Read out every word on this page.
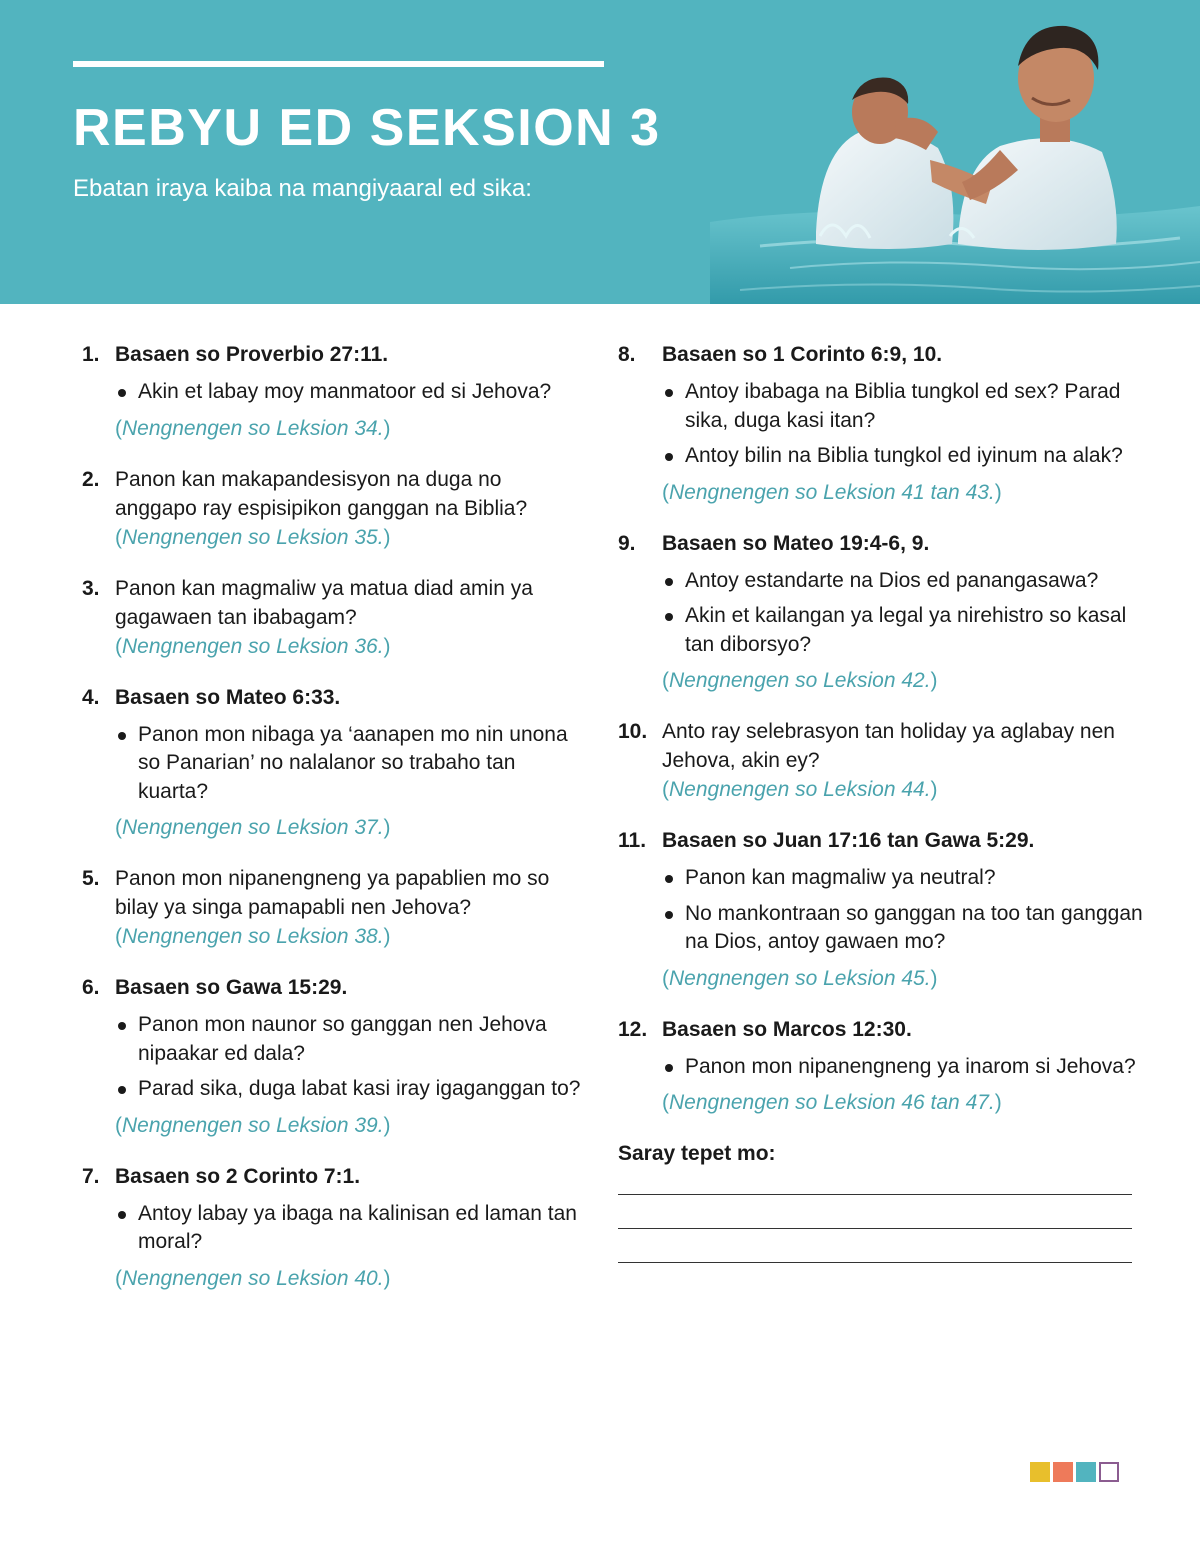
REBYU ED SEKSION 3
Ebatan iraya kaiba na mangiyaaral ed sika:
1. Basaen so Proverbio 27:11.
Akin et labay moy manmatoor ed si Jehova?
(Nengnengen so Leksion 34.)
2. Panon kan makapandesisyon na duga no anggapo ray espisipikon ganggan na Biblia?
(Nengnengen so Leksion 35.)
3. Panon kan magmaliw ya matua diad amin ya gagawaen tan ibabagam?
(Nengnengen so Leksion 36.)
4. Basaen so Mateo 6:33.
Panon mon nibaga ya ‘aanapen mo nin unona so Panarian’ no nalalanor so trabaho tan kuarta?
(Nengnengen so Leksion 37.)
5. Panon mon nipanengneng ya papablien mo so bilay ya singa pamapabli nen Jehova?
(Nengnengen so Leksion 38.)
6. Basaen so Gawa 15:29.
Panon mon naunor so ganggan nen Jehova nipaakar ed dala?
Parad sika, duga labat kasi iray igaganggan to?
(Nengnengen so Leksion 39.)
7. Basaen so 2 Corinto 7:1.
Antoy labay ya ibaga na kalinisan ed laman tan moral?
(Nengnengen so Leksion 40.)
8. Basaen so 1 Corinto 6:9, 10.
Antoy ibabaga na Biblia tungkol ed sex? Parad sika, duga kasi itan?
Antoy bilin na Biblia tungkol ed iyinum na alak?
(Nengnengen so Leksion 41 tan 43.)
9. Basaen so Mateo 19:4-6, 9.
Antoy estandarte na Dios ed panangasawa?
Akin et kailangan ya legal ya nirehistro so kasal tan diborsyo?
(Nengnengen so Leksion 42.)
10. Anto ray selebrasyon tan holiday ya aglabay nen Jehova, akin ey?
(Nengnengen so Leksion 44.)
11. Basaen so Juan 17:16 tan Gawa 5:29.
Panon kan magmaliw ya neutral?
No mankontraan so ganggan na too tan ganggan na Dios, antoy gawaen mo?
(Nengnengen so Leksion 45.)
12. Basaen so Marcos 12:30.
Panon mon nipanengneng ya inarom si Jehova?
(Nengnengen so Leksion 46 tan 47.)
Saray tepet mo:
